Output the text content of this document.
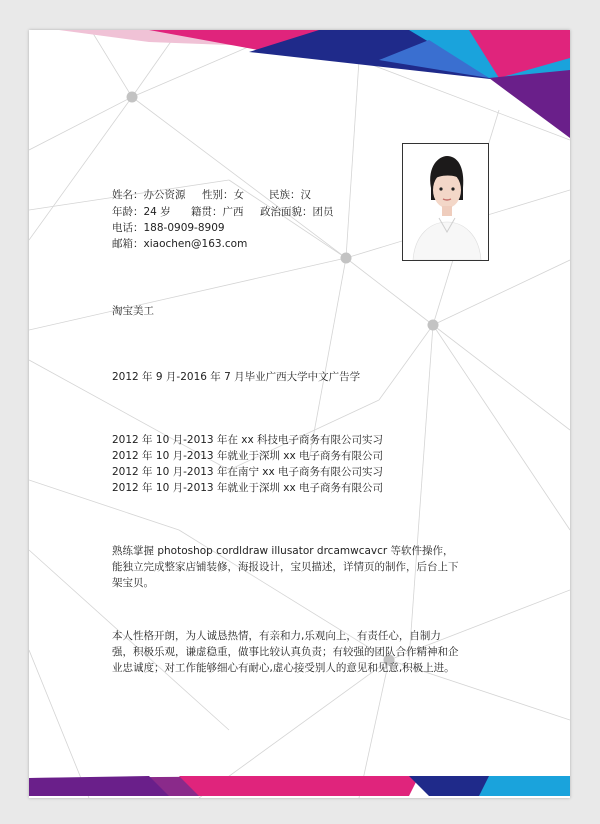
姓名：办公资源 性别：女 民族：汉
年龄：24 岁 籍贯：广西 政治面貌：团员
电话：188-0909-8909
邮箱：xiaochen@163.com
淘宝美工
2012 年 9 月-2016 年 7 月毕业广西大学中文广告学
2012 年 10 月-2013 年在 xx 科技电子商务有限公司实习
2012 年 10 月-2013 年就业于深圳 xx 电子商务有限公司
2012 年 10 月-2013 年在南宁 xx 电子商务有限公司实习
2012 年 10 月-2013 年就业于深圳 xx 电子商务有限公司
熟练掌握 photoshop cordldraw illusator drcamwcavcr 等软件操作，能独立完成整家店铺装修，海报设计，宝贝描述，详情页的制作，后台上下架宝贝。
本人性格开朗，为人诚恳热情，有亲和力,乐观向上，有责任心，自制力强，积极乐观，谦虚稳重，做事比较认真负责；有较强的团队合作精神和企业忠诚度；对工作能够细心有耐心,虚心接受别人的意见和见意,积极上进。
